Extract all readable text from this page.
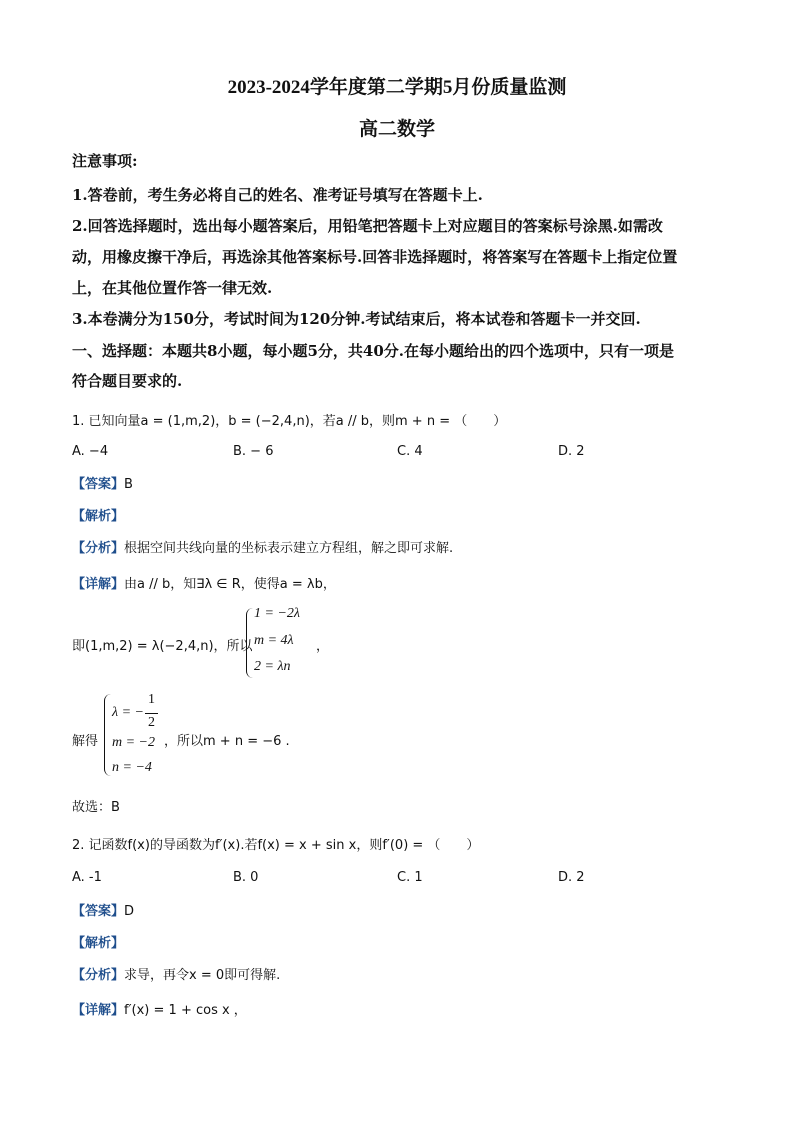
2023-2024学年度第二学期5月份质量监测
高二数学
注意事项:
1.答卷前，考生务必将自己的姓名、准考证号填写在答题卡上.
2.回答选择题时，选出每小题答案后，用铅笔把答题卡上对应题目的答案标号涂黑.如需改
动，用橡皮擦干净后，再选涂其他答案标号.回答非选择题时，将答案写在答题卡上指定位置
上，在其他位置作答一律无效.
3.本卷满分为150分，考试时间为120分钟.考试结束后，将本试卷和答题卡一并交回.
一、选择题：本题共8小题，每小题5分，共40分.在每小题给出的四个选项中，只有一项是
符合题目要求的.
1. 已知向量a = (1,m,2)，b = (−2,4,n)，若a // b，则m + n = （　　）
A. −4	B. − 6	C. 4	D. 2
【答案】B
【解析】
【分析】根据空间共线向量的坐标表示建立方程组，解之即可求解.
【详解】由a // b，知∃λ ∈ R，使得a = λb，
即(1,m,2) = λ(−2,4,n)，所以
1 = −2λ
m = 4λ
2 = λn
，
解得
λ = −
1
2
m = −2
n = −4
，所以m + n = −6 .
故选：B
2. 记函数f(x)的导函数为f′(x).若f(x) = x + sin x，则f′(0) = （　　）
A. -1	B. 0	C. 1	D. 2
【答案】D
【解析】
【分析】求导，再令x = 0即可得解.
【详解】f′(x) = 1 + cos x ，
